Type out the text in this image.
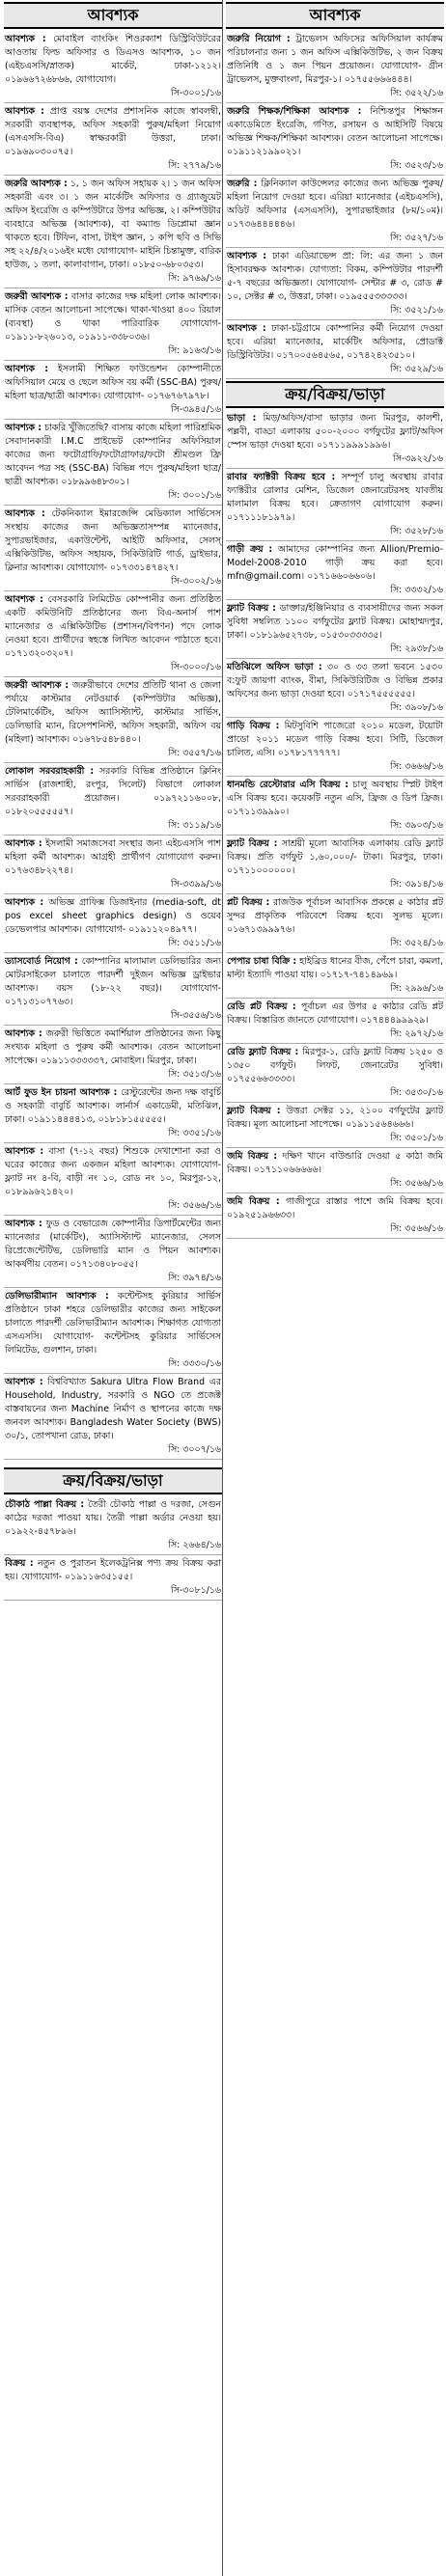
আবশ্যক
আবশ্যক : মোবাইল ব্যাংকিং শিওরক্যাশ ডিস্ট্রিবিউটরের আওতায় ফিল্ড অফিসার ও ডিএসও আবশ্যক, ১০ জন (এইচএসসি/স্নাতক) মার্কেট, ঢাকা-১২১২। ০১৯৬৬৭২৬৮৬৬, যোগাযোগ।
সি-৩০০১/১৬
আবশ্যক : প্রাপ্ত বয়স্ক দেশের প্রশাসনিক কাজে স্বাবলম্বী, সরকারী ব্যবস্থাপক, অফিস সহকারী পুরুষ/মহিলা নিয়োগ (এসএসসি-বিএ) স্বাক্ষরকারী উত্তরা, ঢাকা। ০১৯৬৯০৩০০৭৫।
সি: ২৭৭৯/১৬
জরুরি আবশ্যক : ১, ১ জন অফিস সহায়ক ২। ১ জন অফিস সহকারী এবং ৩। ১ জন মার্কেটিং অফিসার ও গ্র্যাজুয়েট অফিস ইংরেজি ও কম্পিউটারে উপর অভিজ্ঞ, ২। কম্পিউটার ব্যবহারে অভিজ্ঞ (আবশ্যক), বা কম্যান্ড ডিপ্লোমা জ্ঞান থাকতে হবে। টিফিন, বাসা, টাইপ জ্ঞান, ১ কপি ছবি ও সিভি সহ ২২/৪/২০১৬ইং মধ্যে যোগাযোগ- মাইনি চিন্তামুক্ত, বারিক হাউজ, ১ তলা, কালাবাগান, ঢাকা। ০১৮৫০-৬৮০৩৫৩।
সি: ৯৭৬৯/১৬
জরুরী আবশ্যক : বাসার কাজের দক্ষ মহিলা লোক আবশ্যক। মাসিক বেতন আলোচনা সাপেক্ষে। থাকা-খাওয়া ৪০০ রিয়াল (ব্যবস্থা) ও থাকা পারিবারিক যোগাযোগ- ০১৯১১-৮২৬০১৩, ০১৯১১-৩৩৮০৩৬।
সি: ৯১৬৩/১৬
আবশ্যক : ইসলামী শিক্ষিত ফাউন্ডেশন কোম্পানীতে অফিসিয়াল মেয়ে ও ছেলে অফিস বয় কর্মী (SSC-BA) পুরুষ/মহিলা ছাত্র/ছাত্রী আবশ্যক। যোগাযোগ- ০১৭৬৭৬৭৯৭৮।
সি-৩৯৪৫/১৬
আবশ্যক : চাকরি খুঁজিতেছি? বাসায় কাজে মহিলা পারিশ্রমিক সেবাদানকারী I.M.C প্রাইভেট কোম্পানির অফিসিয়াল কাজের জন্য ফটোগ্রাফি/ফটোগ্রাফার/ফটো শ্রীমণ্ডল ফ্রি আবেদন পত্র সহ (SSC-BA) বিভিন্ন পদে পুরুষ/মহিলা ছাত্র/ছাত্রী আবশ্যক। ০১৮৯৯৬৪৮৩০১।
সি: ৩০০১/১৬
আবশ্যক : টেকনিক্যাল ইমারজেন্সি মেডিক্যাল সার্ভিসেস সংস্থায় কাজের জন্য অভিজ্ঞতাসম্পন্ন ম্যানেজার, সুপারভাইজার, একাউন্টেন্ট, আইটি অফিসার, সেলস্‌ এক্সিকিউটিভ, অফিস সহায়ক, সিকিউরিটি গার্ড, ড্রাইভার, ক্লিনার আবশ্যক। যোগাযোগ- ০১৭৩৩১৪৭৪২৭।
সি-৩০০২/১৬
আবশ্যক : বেসরকারি লিমিটেড কোম্পানীর জন্য প্রতিষ্ঠিত একটি কমিউনিটি প্রতিষ্ঠানের জন্য বিএ-অনার্স পাশ ম্যানেজার ও এক্সিকিউটিভ (প্রশাসন/বিপণন) পদে লোক নেওয়া হবে। প্রার্থীদের স্বহস্তে লিখিত আবেদন পাঠাতে হবে। ০১৭১৩২০৩২০৭।
সি-৩০০০/১৬
জরুরী আবশ্যক : জরুরীভাবে দেশের প্রতিটি থানা ও জেলা পর্যায়ে কাস্টমার নেটওয়ার্ক (কম্পিউটার অভিজ্ঞ), টেলিমার্কেটিং, অফিস অ্যাসিস্ট্যান্ট, কাস্টমার সার্ভিস, ডেলিভারি ম্যান, রিসেপশনিস্ট, অফিস সহকারী, অফিস বয় (মহিলা) আবশ্যক। ০১৬৭৮৫৪৮৪৪০।
সি: ৩৫৫৭/১৬
লোকাল সরবরাহকারী : সরকারি বিভিন্ন প্রতিষ্ঠানে ক্লিনিং সার্ভিস (রাজশাহী, রংপুর, সিলেট) বিভাগে লোকাল সরবরাহকারী প্রয়োজন। ০১৯৭২১১৬০০৮, ০১৮২০৫৫৫৫৫৭।
সি: ৩১১৯/১৬
আবশ্যক : ইসলামী সমাজসেবা সংস্থার জন্য এইচএসসি পাশ মহিলা কর্মী আবশ্যক। আগ্রহী প্রার্থীগণ যোগাযোগ করুন। ০১৭৬৩৪৮২২৭৪।
সি-৩৩৯৯/১৬
আবশ্যক : অভিজ্ঞ গ্রাফিক্স ডিজাইনার (media-soft, dt pos excel sheet graphics design) ও ওয়েব ডেভেলপার আবশ্যক। যোগাযোগ- ০১৯১১২০৪৯৭৭।
সি: ৩৫১১/১৬
ড্যাসবোর্ড নিয়োগ : কোম্পানির মালামাল ডেলিভারির জন্য মোটরসাইকেল চালাতে পারদর্শী দুইজন অভিজ্ঞ ড্রাইভার আবশ্যক। বয়স (১৮-২২ বছর)। যোগাযোগ- ০১৭১৩১০৭৭৬৩।
সি-৩৫৫৬/১৬
আবশ্যক : জরুরী ভিত্তিতে কমার্শিয়াল প্রতিষ্ঠানের জন্য কিছু সংখ্যক মহিলা ও পুরুষ কর্মী আবশ্যক। বেতন আলোচনা সাপেক্ষে। ০১৯১১৩৩৩৩৩৭, মোবাইল। মিরপুর, ঢাকা।
সি: ৩৫১৩/১৬
আর্ট ফুড ইন চায়না আবশ্যক : রেস্টুরেন্টের জন্য দক্ষ বাবুর্চি ও সহকারী বাবুর্চি আবশ্যক। লার্নার্স একাডেমী, মতিঝিল, ঢাকা। ০১৯১১৪৪৪৪১৩, ০১৮১৮১৫৫৫৫৫।
সি: ৩৩৫১/১৬
আবশ্যক : বাসা (৭-১২ বছর) শিশুকে দেখাশোনা করা ও ঘরের কাজের জন্য একজন মহিলা আবশ্যক। যোগাযোগ- ফ্ল্যাট নং ৪-বি, বাড়ী নং ১০, রোড নং ১০, মিরপুর-১২, ০১৮৯৯৬২১৪২০।
সি: ৩৫৬৬/১৬
আবশ্যক : ফুড ও বেভারেজ কোম্পানীর ডিপার্টমেন্টের জন্য ম্যানেজার (মার্কেটিং), অ্যাসিস্ট্যান্ট ম্যানেজার, সেলস রিপ্রেজেন্টেটিভ, ডেলিভারি ম্যান ও পিয়ন আবশ্যক। আকর্ষণীয় বেতন। ০১৭১৩৪০৮০৫৫।
সি: ৩৯৭৪/১৬
ডেলিভারীম্যান আবশ্যক : কন্টেন্টসহ কুরিয়ার সার্ভিস প্রতিষ্ঠানে ঢাকা শহরে ডেলিভারীর কাজের জন্য সাইকেল চালাতে পারদর্শী ডেলিভারীম্যান আবশ্যক। শিক্ষাগত যোগ্যতা এসএসসি। যোগাযোগ- কন্টেন্টসহ কুরিয়ার সার্ভিসেস লিমিটেড, গুলশান, ঢাকা।
সি: ৩৩৩০/১৬
আবশ্যক : বিশ্ববিখ্যাত Sakura Ultra Flow Brand এর Household, Industry, সরকারি ও NGO তে প্রজেক্ট বাস্তবায়নের জন্য Machine নির্মাণ ও স্থাপনের কাজে দক্ষ জনবল আবশ্যক। Bangladesh Water Society (BWS) ৩০/১, তোপখানা রোড, ঢাকা।
সি: ৩০০৭/১৬
ক্রয়/বিক্রয়/ভাড়া
চৌকাঠ পাল্লা বিক্রয় : তৈরী চৌকাঠ পাল্লা ও দরজা, সেগুন কাঠের দরজা পাওয়া যায়। তৈরী পাল্লা অর্ডার নেওয়া হয়। ০১৯২২-৪৫৭৮৯৬।
সি: ২৬৬৪/১৬
বিক্রয় : নতুন ও পুরাতন ইলেকট্রনিক্স পণ্য ক্রয় বিক্রয় করা হয়। যোগাযোগ- ০১৯১১৬৩৫১৫৫।
সি-৩০৮১/১৬
আবশ্যক
জরুরি নিয়োগ : ট্রাভেলস অফিসের অফিসিয়াল কার্যক্রম পরিচালনার জন্য ১ জন অফিস এক্সিকিউটিভ, ২ জন বিক্রয় প্রতিনিধি ও ১ জন পিয়ন প্রয়োজন। যোগাযোগ- গ্রীন ট্রাভেলস, মুক্তবাংলা, মিরপুর-১। ০১৭৫৫৬৬৬৪৪৪।
সি: ৩৫২২/১৬
জরুরি শিক্ষক/শিক্ষিকা আবশ্যক : নিশ্চিন্তপুর শিক্ষাঙ্গন একাডেমিতে ইংরেজি, গণিত, রসায়ন ও আইসিটি বিষয়ে অভিজ্ঞ শিক্ষক/শিক্ষিকা আবশ্যক। বেতন আলোচনা সাপেক্ষে। ০১৯১১২১৯৯০২১।
সি: ৩৫২৩/১৬
জরুরি : ক্লিনিক্যাল কাউন্সেলর কাজের জন্য অভিজ্ঞ পুরুষ/মহিলা নিয়োগ দেওয়া হবে। এরিয়া ম্যানেজার (এইচএসসি), অডিট অফিসার (এসএসসি), সুপারভাইজার (৮ম/১০ম)। ০১৭৩৬৪৪৪৪৪৬।
সি: ৩৫২৭/১৬
আবশ্যক : ঢাকা এডিয়াভেন্স প্রা: লি: এর জন্য ১ জন হিসাবরক্ষক আবশ্যক। যোগ্যতা: বিকম, কম্পিউটার পারদর্শী ৫-৭ বছরের অভিজ্ঞতা। যোগাযোগ- সেন্টার # ৩, রোড # ১০, সেক্টর # ৩, উত্তরা, ঢাকা। ০১৯৫৫৫৩৩৩৩৩।
সি: ৩৫২১/১৬
আবশ্যক : ঢাকা-চট্টগ্রামে কোম্পানির কর্মী নিয়োগ দেওয়া হবে। এরিয়া ম্যানেজার, মার্কেটিং অফিসার, প্রোডাক্ট ডিস্ট্রিবিউটর। ০১৭০০৫৬৪৫৬৫, ০১৭৪২৪২৩৫১০।
সি: ৩৫২৯/১৬
ক্রয়/বিক্রয়/ভাড়া
ভাড়া : মিড়/অফিস/বাসা ভাড়ার জন্য মিরপুর, কালশী, পল্লবী, বাড্ডা এলাকায় ৫০০-২০০০ বর্গফুটের ফ্ল্যাট/অফিস স্পেস ভাড়া দেওয়া হবে। ০১৭১১৯৯৯১৯৯৬।
সি-৩৯২২/১৬
রাবার ফ্যাক্টরী বিক্রয় হবে : সম্পূর্ণ চালু অবস্থায় রাবার ফ্যাক্টরীর রোলার মেশিন, ডিজেল জেনারেটরসহ যাবতীয় মালামাল বিক্রয় হবে। ক্রেতাগণ যোগাযোগ করুন। ০১৭১১১৮১৯৭৯।
সি: ৩৫২৮/১৬
গাড়ী ক্রয় : আমাদের কোম্পানির জন্য Allion/Premio-Model-2008-2010 গাড়ী ক্রয় করা হবে। mfn@gmail.com। ০১৭১৬৬০৬৬০৬।
সি: ৩৩৩২/১৬
ফ্ল্যাট বিক্রয় : ডাক্তার/ইঞ্জিনিয়ার ও ব্যবসায়ীদের জন্য সকল সুবিধা সম্বলিত ১১০০ বর্গফুটের ফ্ল্যাট বিক্রয়। মোহাম্মদপুর, ঢাকা। ০১৮১৯৬৫২৭৩৮, ০১৫৩০৩৩৩৩৫।
সি: ২৯৩৮/১৬
মতিঝিলে অফিস ভাড়া : ৩০ ও ৩৩ তলা ভবনে ১৫৩০ ব:ফুট জায়গা ব্যাংক, বীমা, সিকিউরিটিজ ও বিভিন্ন প্রকার অফিসের জন্য ভাড়া দেওয়া হবে। ০১৭১৭৫৫৫৫৫৫।
সি: ৩৯০৮/১৬
গাড়ি বিক্রয় : মিটসুবিশি পাজেরো ২০১০ মডেল, টয়োটা প্রাডো ২০১১ মডেল গাড়ি বিক্রয় হবে। সিটি, ডিজেল চালিত, এসি। ০১৭৮১৭৭৭৭৭।
সি: ৩৬৬৬/১৬
ধানমন্ডি রেস্টোরার এসি বিক্রয় : চালু অবস্থায় স্প্লিট টাইপ এসি বিক্রয় হবে। কয়েকটি নতুন এসি, ফ্রিজ ও ডিপ ফ্রিজ। ০১৭১১৩৯৯৯০।
সি: ৩৯০৩/১৬
ফ্ল্যাট বিক্রয় : সাশ্রয়ী মূল্যে আবাসিক এলাকায় রেডি ফ্ল্যাট বিক্রয়। প্রতি বর্গফুট ১,৬০,০০০/- টাকা। মিরপুর, ঢাকা। ০১৭১১০০০০০০।
সি: ৩৯১৪/১৬
প্লট বিক্রয় : রাজউক পূর্বাচল আবাসিক প্রকল্পে ৫ কাঠার প্লট সুন্দর প্রাকৃতিক পরিবেশে বিক্রয় হবে। সুলভ মূল্যে। ০১৬৭১৩৯৯৯৭৬।
সি: ৩৫২৪/১৬
পেপার চাষা বিক্রি : হাইব্রিড ধানের বীজ, পেঁপে চারা, কমলা, মাল্টা ইত্যাদি পাওয়া যায়। ০১৭১৭-৭৪১৪৯৬৯।
সি: ২৯৯৬/১৬
রেডি প্লট বিক্রয় : পূর্বাচল এর উপর ৫ কাঠার রেডি প্লট বিক্রয়। বিস্তারিত জানতে যোগাযোগ। ০১৭৪৪৪৯৯৯২৯।
সি: ২৯৭২/১৬
রেডি ফ্ল্যাট বিক্রয় : মিরপুর-১, রেডি ফ্ল্যাট বিক্রয় ১২৫০ ও ১৩৫০ বর্গফুট। লিফট, জেনারেটর সুবিধা। ০১৭৫৫৬৬৩৩৩৩।
সি: ৩৫৩০/১৬
ফ্ল্যাট বিক্রয় : উত্তরা সেক্টর ১১, ২১০০ বর্গফুটের ফ্ল্যাট বিক্রয়। মূল্য আলোচনা সাপেক্ষে। ০১৯১১৫৬৪৬৬৬।
সি: ৩৫০১/১৬
জমি বিক্রয় : দক্ষিণ খানে বাউন্ডারি দেওয়া ৫ কাঠা জমি বিক্রয়। ০১৭১১০৬৬৬৬৬।
সি: ৩৫৬৬/১৬
জমি বিক্রয় : গাজীপুরে রাস্তার পাশে জমি বিক্রয় হবে। ০১৯২৫১৯৬৬৩৩।
সি: ৩৫৬৬/১৬
